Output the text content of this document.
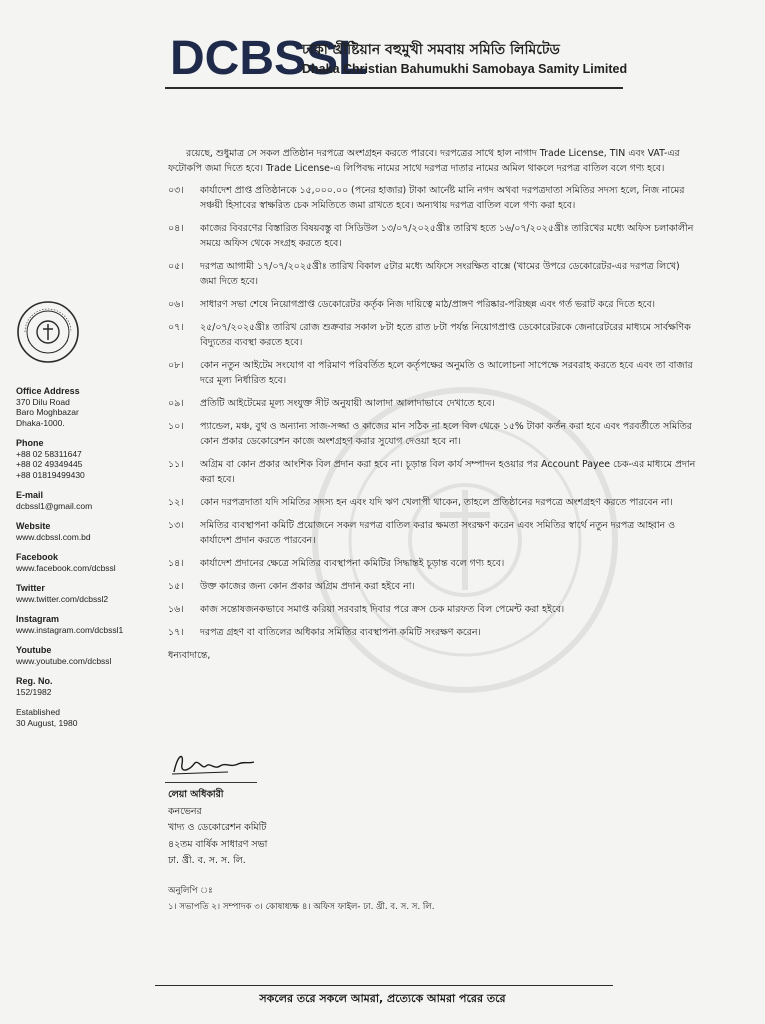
DCBSSL
ঢাকা খ্রীষ্টিয়ান বহুমুখী সমবায় সমিতি লিমিটেড
Dhaka Christian Bahumukhi Samobaya Samity Limited
Office Address
370 Dilu Road
Baro Moghbazar
Dhaka-1000.
Phone
+88 02 58311647
+88 02 49349445
+88 01819499430
E-mail
dcbssl1@gmail.com
Website
www.dcbssl.com.bd
Facebook
www.facebook.com/dcbssl
Twitter
www.twitter.com/dcbssl2
Instagram
www.instagram.com/dcbssl1
Youtube
www.youtube.com/dcbssl
Reg. No.
152/1982
Established
30 August, 1980
রয়েছে, শুধুমাত্র সে সকল প্রতিষ্ঠান দরপত্রে অংশগ্রহন করতে পারবে। দরপত্রের সাথে হাল নাগাদ Trade License, TIN এবং VAT-এর ফটোকপি জমা দিতে হবে। Trade License-এ লিপিবদ্ধ নামের সাথে দরপত্র দাতার নামের অমিল থাকলে দরপত্র বাতিল বলে গণ্য হবে।
০৩।	কার্যাদেশ প্রাপ্ত প্রতিষ্ঠানকে ১৫,০০০.০০ (পনের হাজার) টাকা আর্নেষ্ট মানি নগদ অথবা দরপত্রদাতা সমিতির সদস্য হলে, নিজ নামের সঞ্চয়ী হিসাবের স্বাক্ষরিত চেক সমিতিতে জমা রাখতে হবে। অন্যথায় দরপত্র বাতিল বলে গণ্য করা হবে।
০৪।	কাজের বিবরণের বিস্তারিত বিষয়বস্তু বা সিডিউল ১৩/০৭/২০২৫খ্রীঃ তারিখ হতে ১৬/০৭/২০২৫খ্রীঃ তারিখের মধ্যে অফিস চলাকালীন সময়ে অফিস থেকে সংগ্রহ করতে হবে।
০৫।	দরপত্র আগামী ১৭/০৭/২০২৫খ্রীঃ তারিখ বিকাল ৫টার মধ্যে অফিসে সংরক্ষিত বাক্সে (খামের উপরে ডেকোরেটর-এর দরপত্র লিখে) জমা দিতে হবে।
০৬।	সাধারণ সভা শেষে নিয়োগপ্রাপ্ত ডেকোরেটর কর্তৃক নিজ দায়িত্বে মাঠ/প্রাঙ্গণ পরিষ্কার-পরিচ্ছন্ন এবং গর্ত ভরাট করে দিতে হবে।
০৭।	২৫/০৭/২০২৫খ্রীঃ তারিখ রোজ শুক্রবার সকাল ৮টা হতে রাত ৮টা পর্যন্ত নিয়োগপ্রাপ্ত ডেকোরেটরকে জেনারেটরের মাধ্যমে সার্বক্ষণিক বিদ্যুতের ব্যবস্থা করতে হবে।
০৮।	কোন নতুন আইটেম সংযোগ বা পরিমাণ পরিবর্তিত হলে কর্তৃপক্ষের অনুমতি ও আলোচনা সাপেক্ষে সরবরাহ করতে হবে এবং তা বাজার দরে মূল্য নির্ধারিত হবে।
০৯।	প্রতিটি আইটেমের মূল্য সংযুক্ত সীট অনুযায়ী আলাদা আলাদাভাবে দেখাতে হবে।
১০।	প্যান্ডেল, মঞ্চ, বুথ ও অন্যান্য সাজ-সজ্জা ও কাজের মান সঠিক না হলে বিল থেকে ১৫% টাকা কর্তন করা হবে এবং পরবর্তীতে সমিতির কোন প্রকার ডেকোরেশন কাজে অংশগ্রহণ করার সুযোগ দেওয়া হবে না।
১১।	অগ্রিম বা কোন প্রকার আংশিক বিল প্রদান করা হবে না। চূড়ান্ত বিল কার্য সম্পাদন হওয়ার পর Account Payee চেক-এর মাধ্যমে প্রদান করা হবে।
১২।	কোন দরপত্রদাতা যদি সমিতির সদস্য হন এবং যদি ঋণ খেলাপী থাকেন, তাহলে প্রতিষ্ঠানের দরপত্রে অংশগ্রহণ করতে পারবেন না।
১৩।	সমিতির ব্যবস্থাপনা কমিটি প্রয়োজনে সকল দরপত্র বাতিল করার ক্ষমতা সংরক্ষণ করেন এবং সমিতির স্বার্থে নতুন দরপত্র আহ্বান ও কার্যাদেশ প্রদান করতে পারবেন।
১৪।	কার্যাদেশ প্রদানের ক্ষেত্রে সমিতির ব্যবস্থাপনা কমিটির সিদ্ধান্তই চূড়ান্ত বলে গণ্য হবে।
১৫।	উক্ত কাজের জন্য কোন প্রকার অগ্রিম প্রদান করা হইবে না।
১৬।	কাজ সন্তোষজনকভাবে সমাপ্ত করিয়া সরবরাহ দিবার পরে ক্রস চেক মারফত বিল পেমেন্ট করা হইবে।
১৭।	দরপত্র গ্রহণ বা বাতিলের অধিকার সমিতির ব্যবস্থাপনা কমিটি সংরক্ষণ করেন।
ধন্যবাদান্তে,
লেয়া অধিকারী
কনভেনর
খাদ্য ও ডেকোরেশন কমিটি
৪২তম বার্ষিক সাধারণ সভা
ঢা. খ্রী. ব. স. স. লি.
অনুলিপি ঃ
১। সভাপতি ২। সম্পাদক ৩। কোষাধ্যক্ষ ৪। অফিস ফাইল- ঢা. খ্রী. ব. স. স. লি.
সকলের তরে সকলে আমরা, প্রত্যেকে আমরা পরের তরে
